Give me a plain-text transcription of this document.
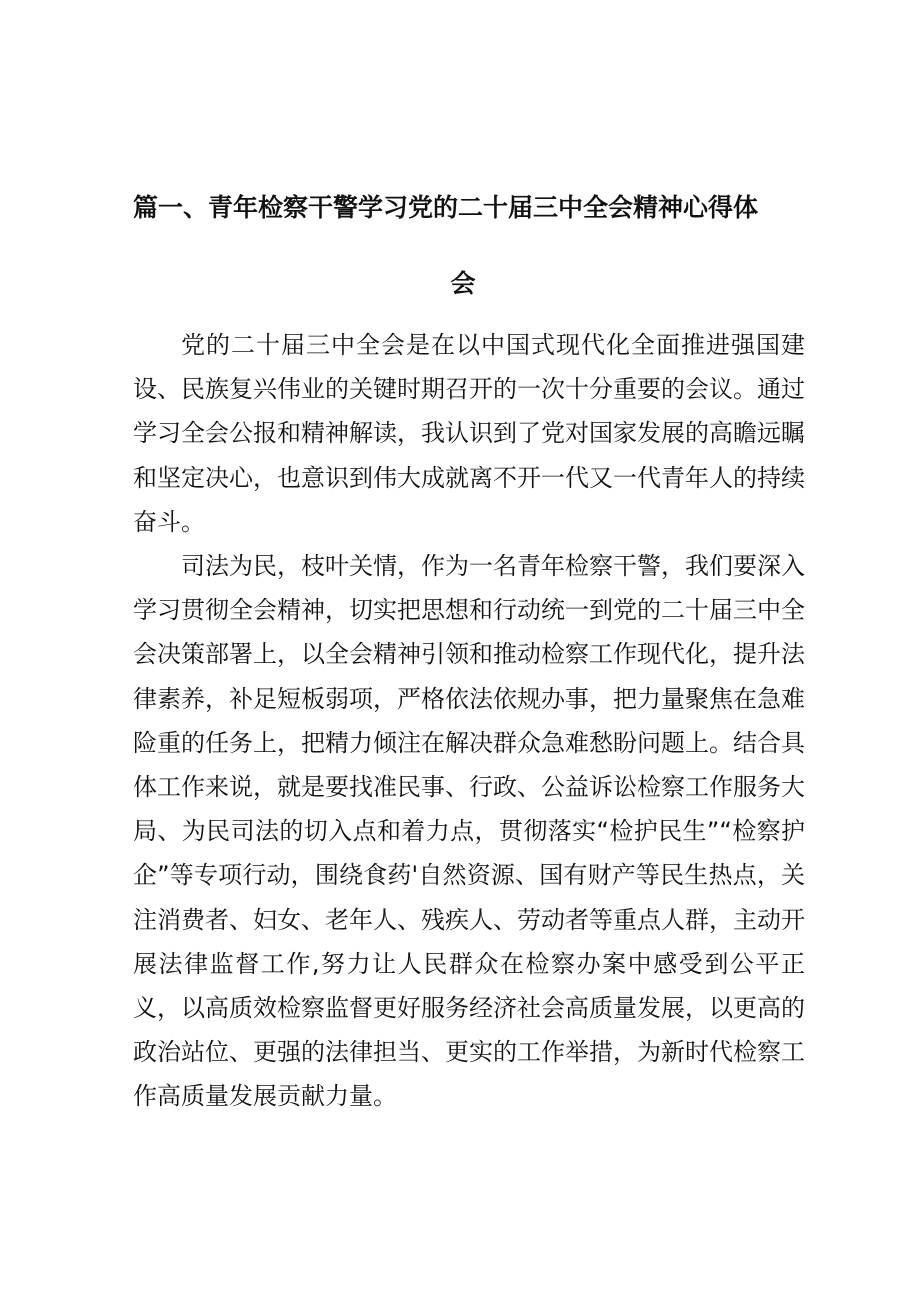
篇一、青年检察干警学习党的二十届三中全会精神心得体
会

党的二十届三中全会是在以中国式现代化全面推进强国建设、民族复兴伟业的关键时期召开的一次十分重要的会议。通过学习全会公报和精神解读，我认识到了党对国家发展的高瞻远瞩和坚定决心，也意识到伟大成就离不开一代又一代青年人的持续奋斗。

司法为民，枝叶关情，作为一名青年检察干警，我们要深入学习贯彻全会精神，切实把思想和行动统一到党的二十届三中全会决策部署上，以全会精神引领和推动检察工作现代化，提升法律素养，补足短板弱项，严格依法依规办事，把力量聚焦在急难险重的任务上，把精力倾注在解决群众急难愁盼问题上。结合具体工作来说，就是要找准民事、行政、公益诉讼检察工作服务大局、为民司法的切入点和着力点，贯彻落实“检护民生”“检察护企”等专项行动，围绕食药'自然资源、国有财产等民生热点，关注消费者、妇女、老年人、残疾人、劳动者等重点人群，主动开展法律监督工作,努力让人民群众在检察办案中感受到公平正义，以高质效检察监督更好服务经济社会高质量发展，以更高的政治站位、更强的法律担当、更实的工作举措，为新时代检察工作高质量发展贡献力量。
